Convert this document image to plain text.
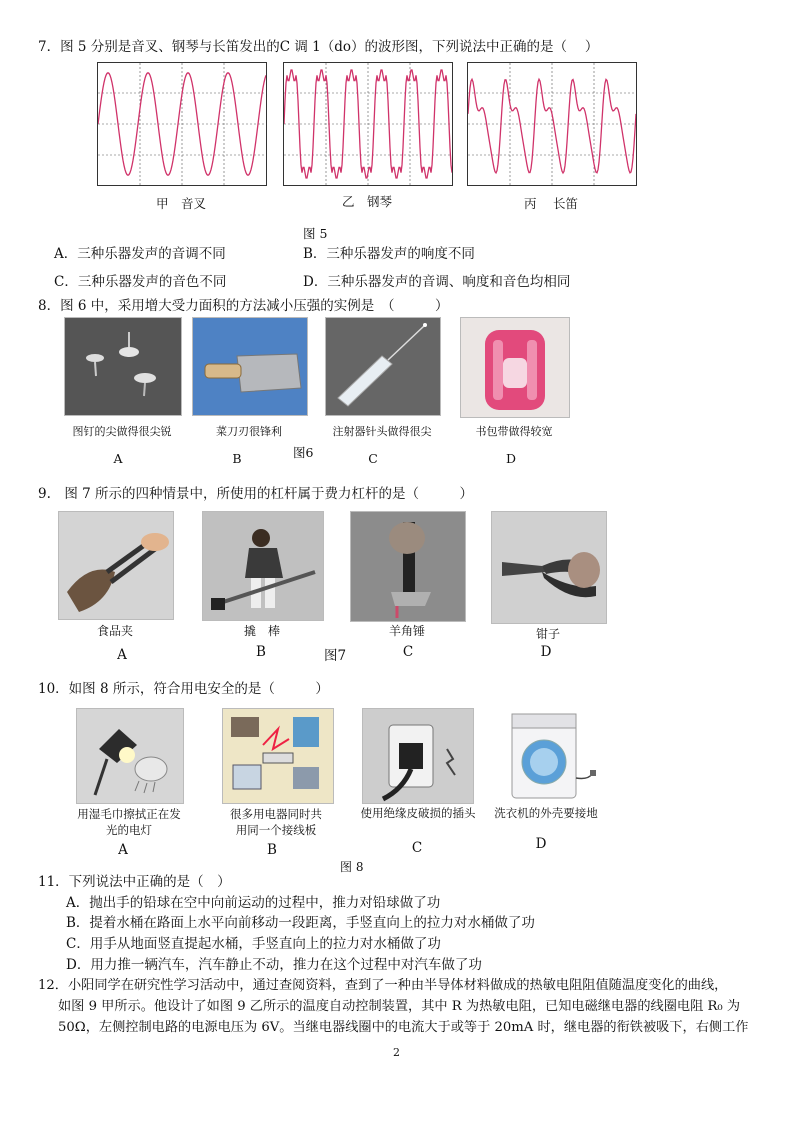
7．图 5 分别是音叉、钢琴与长笛发出的C 调 1（do）的波形图，下列说法中正确的是（　 ）
甲　音叉	乙　钢琴	丙　 长笛
图 5
A．三种乐器发声的音调不同	B．三种乐器发声的响度不同
C．三种乐器发声的音色不同	D．三种乐器发声的音调、响度和音色均相同
8．图 6 中，采用增大受力面积的方法减小压强的实例是　（　　　）
图钉的尖做得很尖锐	菜刀刃很锋利	注射器针头做得很尖	书包带做得较宽
图6
A	B	C	D
9.　图 7 所示的四种情景中，所使用的杠杆属于费力杠杆的是（　　　）
食品夹	撬　棒	羊角锤	钳子
A	B	图7	C	D
10．如图 8 所示，符合用电安全的是（　　　）
用湿毛巾擦拭正在发光的电灯
很多用电器同时共用同一个接线板
使用绝缘皮破损的插头	洗衣机的外壳要接地
A	B	C	D
图 8
11．下列说法中正确的是（　）
A．抛出手的铅球在空中向前运动的过程中，推力对铅球做了功
B．提着水桶在路面上水平向前移动一段距离，手竖直向上的拉力对水桶做了功
C．用手从地面竖直提起水桶，手竖直向上的拉力对水桶做了功
D．用力推一辆汽车，汽车静止不动，推力在这个过程中对汽车做了功
12．小阳同学在研究性学习活动中，通过查阅资料，查到了一种由半导体材料做成的热敏电阻阻值随温度变化的曲线，
如图 9 甲所示。他设计了如图 9 乙所示的温度自动控制装置，其中 R 为热敏电阻，已知电磁继电器的线圈电阻 R₀ 为
50Ω，左侧控制电路的电源电压为 6V。当继电器线圈中的电流大于或等于 20mA 时，继电器的衔铁被吸下，右侧工作
2
